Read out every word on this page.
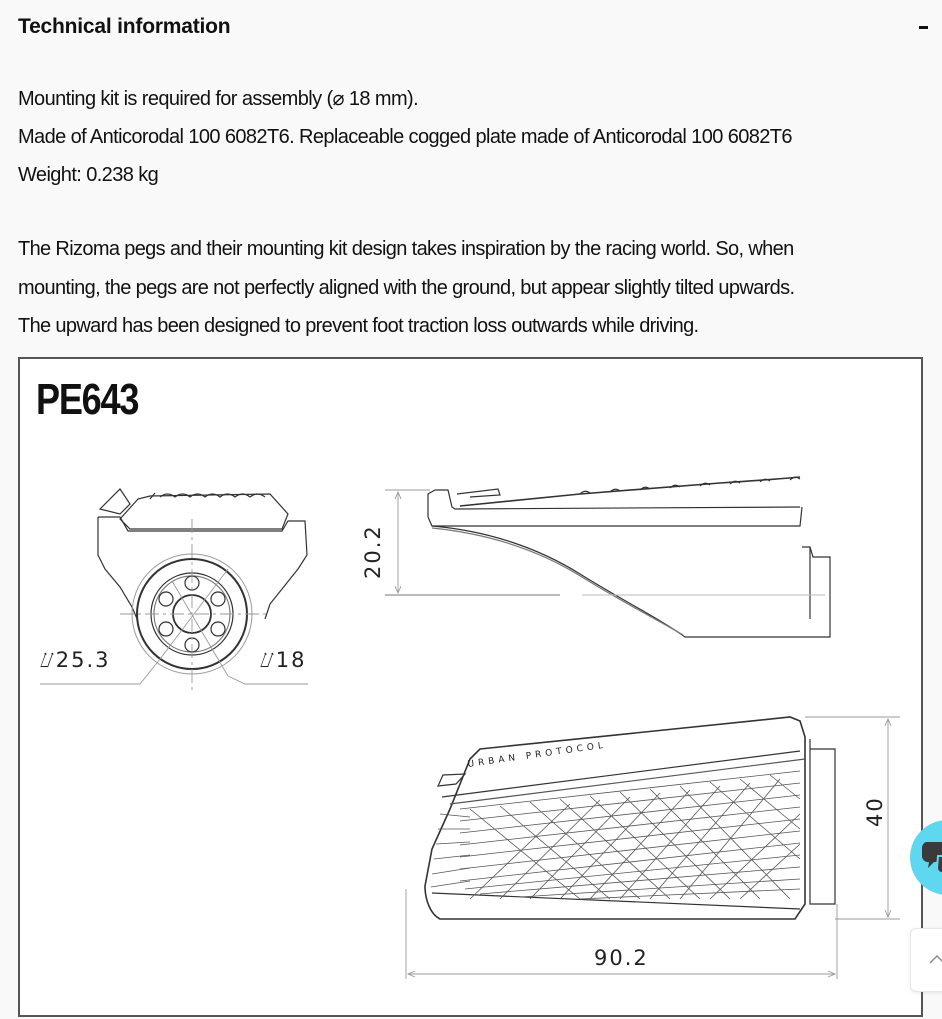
Technical information

Mounting kit is required for assembly (⌀ 18 mm).

Made of Anticorodal 100 6082T6. Replaceable cogged plate made of Anticorodal 100 6082T6

Weight: 0.238 kg

The Rizoma pegs and their mounting kit design takes inspiration by the racing world. So, when

mounting, the pegs are not perfectly aligned with the ground, but appear slightly tilted upwards.

The upward has been designed to prevent foot traction loss outwards while driving.

PE643
URBAN PROTOCOL
⌰25.3	⌰18
20.2
40
90.2
